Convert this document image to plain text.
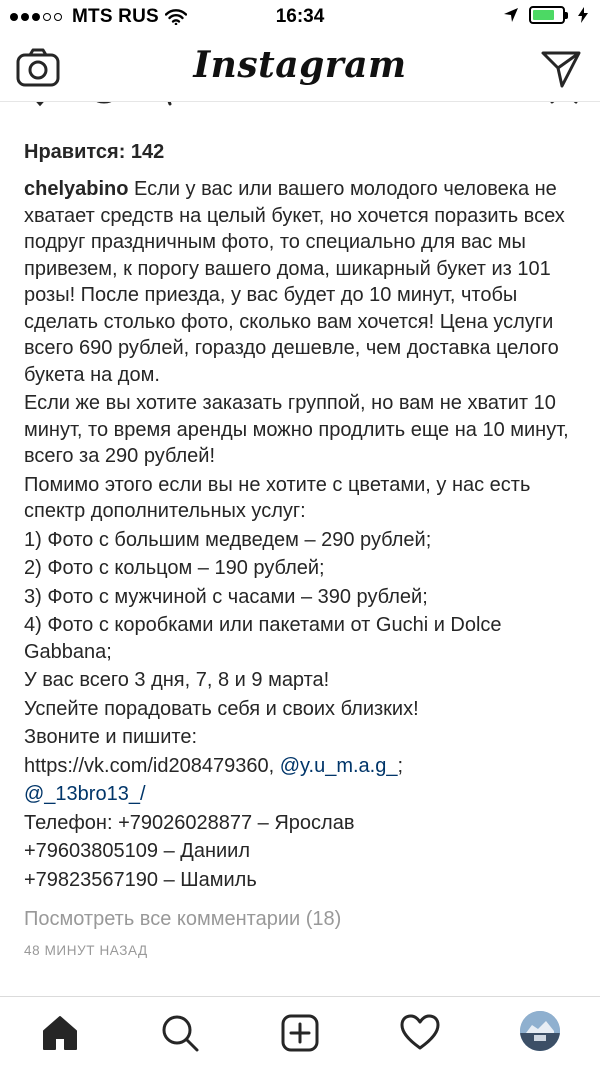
MTS RUS	16:34
Instagram
Нравится: 142

chelyabino Если у вас или вашего молодого человека не хватает средств на целый букет, но хочется поразить всех подруг праздничным фото, то специально для вас мы привезем, к порогу вашего дома, шикарный букет из 101 розы! После приезда, у вас будет до 10 минут, чтобы сделать столько фото, сколько вам хочется! Цена услуги всего 690 рублей, гораздо дешевле, чем доставка целого букета на дом.

Если же вы хотите заказать группой, но вам не хватит 10 минут, то время аренды можно продлить еще на 10 минут, всего за 290 рублей!

Помимо этого если вы не хотите с цветами, у нас есть спектр дополнительных услуг:

1) Фото с большим медведем – 290 рублей;

2) Фото с кольцом – 190 рублей;

3) Фото с мужчиной с часами – 390 рублей;

4) Фото с коробками или пакетами от Guchi и Dolce Gabbana;

У вас всего 3 дня, 7, 8 и 9 марта!

Успейте порадовать себя и своих близких!

Звоните и пишите:

https://vk.com/id208479360, @y.u_m.a.g_;

@_13bro13_/

Телефон: +79026028877 – Ярослав

+79603805109 – Даниил

+79823567190 – Шамиль

Посмотреть все комментарии (18)
48 МИНУТ НАЗАД
